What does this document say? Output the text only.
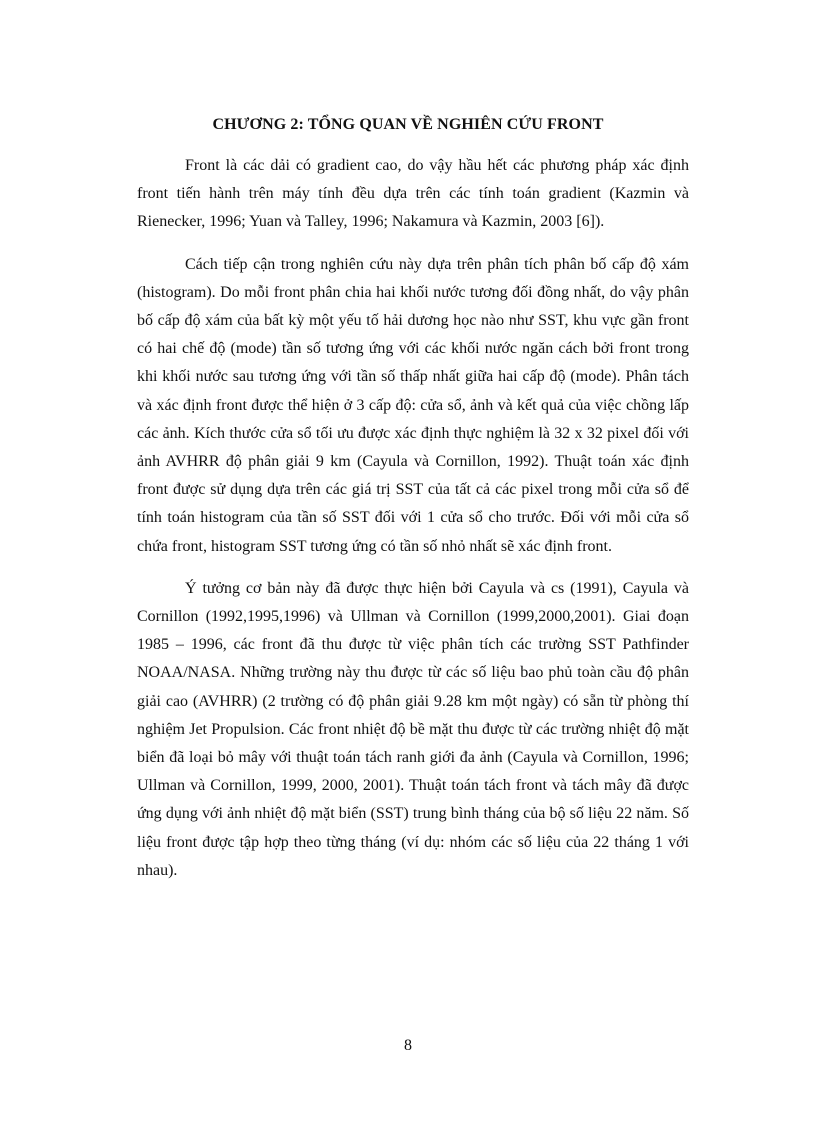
CHƯƠNG 2: TỔNG QUAN VỀ NGHIÊN CỨU FRONT

Front là các dải có gradient cao, do vậy hầu hết các phương pháp xác định front tiến hành trên máy tính đều dựa trên các tính toán gradient (Kazmin và Rienecker, 1996; Yuan và Talley, 1996; Nakamura và Kazmin, 2003 [6]).

Cách tiếp cận trong nghiên cứu này dựa trên phân tích phân bố cấp độ xám (histogram). Do mỗi front phân chia hai khối nước tương đối đồng nhất, do vậy phân bố cấp độ xám của bất kỳ một yếu tố hải dương học nào như SST, khu vực gần front có hai chế độ (mode) tần số tương ứng với các khối nước ngăn cách bởi front trong khi khối nước sau tương ứng với tần số thấp nhất giữa hai cấp độ (mode). Phân tách và xác định front được thể hiện ở 3 cấp độ: cửa sổ, ảnh và kết quả của việc chồng lấp các ảnh. Kích thước cửa sổ tối ưu được xác định thực nghiệm là 32 x 32 pixel đối với ảnh AVHRR độ phân giải 9 km (Cayula và Cornillon, 1992). Thuật toán xác định front được sử dụng dựa trên các giá trị SST của tất cả các pixel trong mỗi cửa sổ để tính toán histogram của tần số SST đối với 1 cửa sổ cho trước. Đối với mỗi cửa sổ chứa front, histogram SST tương ứng có tần số nhỏ nhất sẽ xác định front.

Ý tưởng cơ bản này đã được thực hiện bởi Cayula và cs (1991), Cayula và Cornillon (1992,1995,1996) và Ullman và Cornillon (1999,2000,2001). Giai đoạn 1985 – 1996, các front đã thu được từ việc phân tích các trường SST Pathfinder NOAA/NASA. Những trường này thu được từ các số liệu bao phủ toàn cầu độ phân giải cao (AVHRR) (2 trường có độ phân giải 9.28 km một ngày) có sẵn từ phòng thí nghiệm Jet Propulsion. Các front nhiệt độ bề mặt thu được từ các trường nhiệt độ mặt biển đã loại bỏ mây với thuật toán tách ranh giới đa ảnh (Cayula và Cornillon, 1996; Ullman và Cornillon, 1999, 2000, 2001). Thuật toán tách front và tách mây đã được ứng dụng với ảnh nhiệt độ mặt biển (SST) trung bình tháng của bộ số liệu 22 năm. Số liệu front được tập hợp theo từng tháng (ví dụ: nhóm các số liệu của 22 tháng 1 với nhau).

8
